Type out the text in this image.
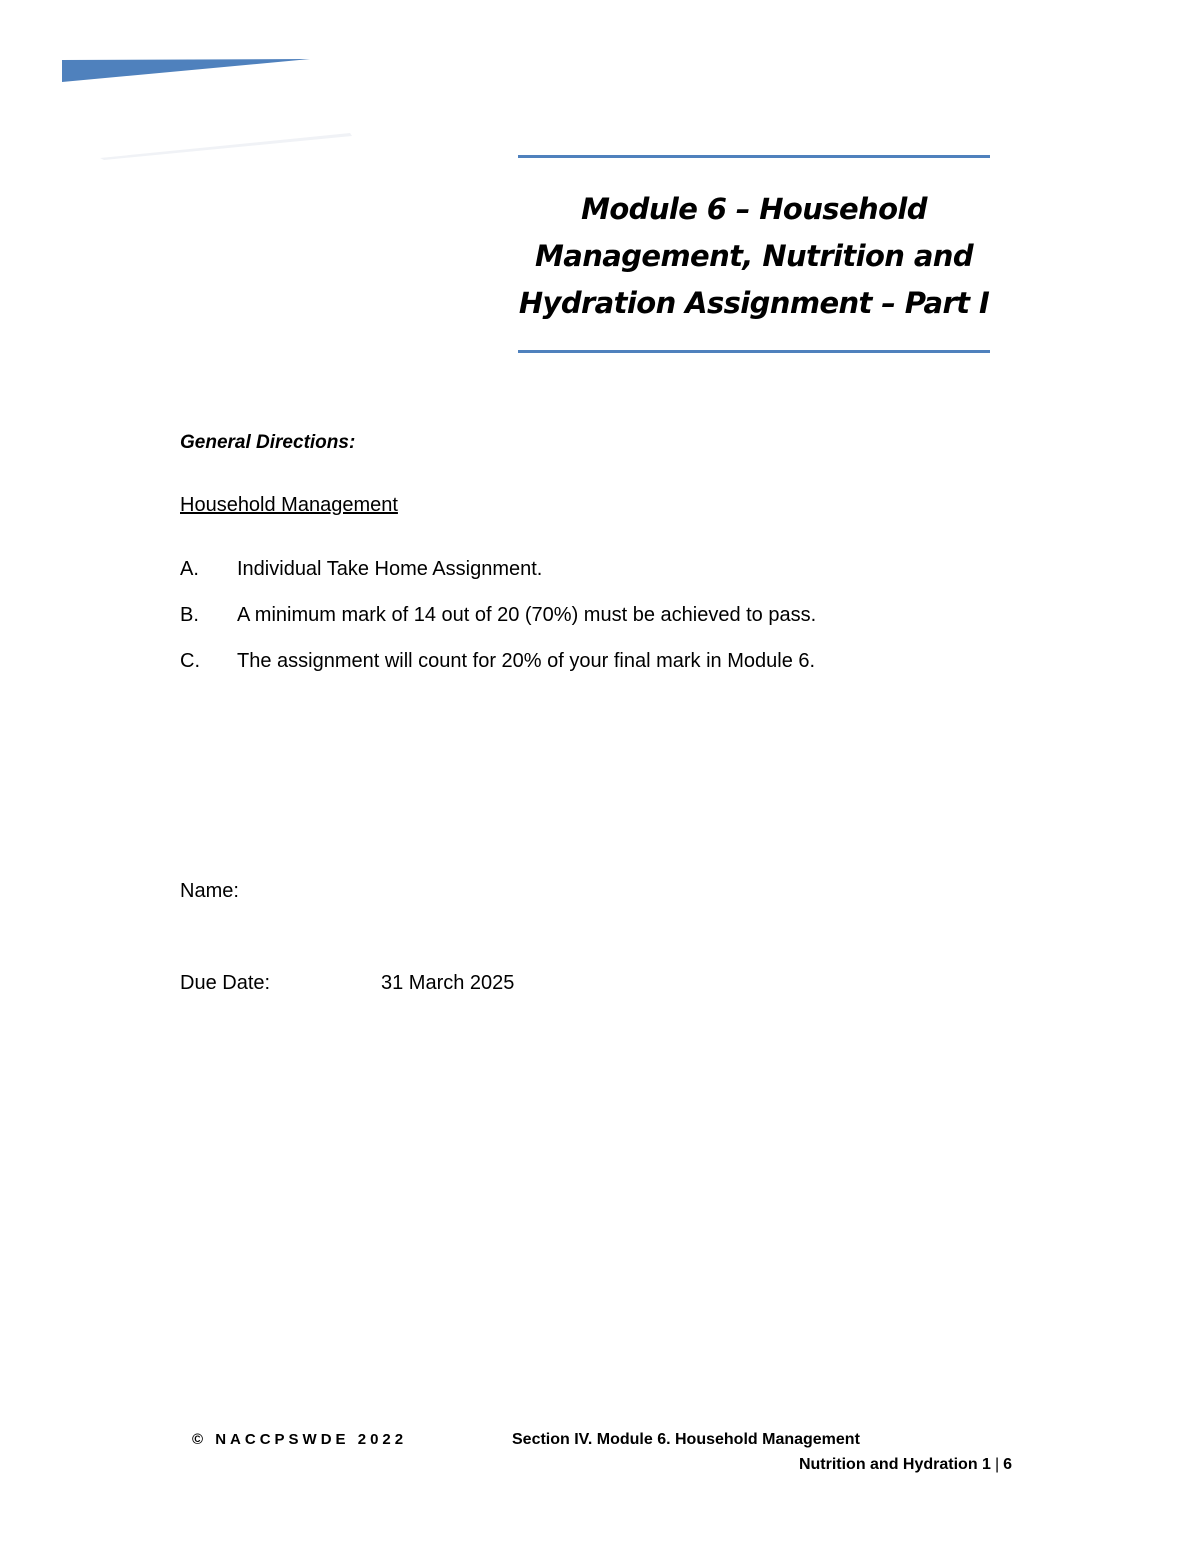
Module 6 – Household
Management, Nutrition and
Hydration Assignment – Part I
General Directions:
Household Management
A. Individual Take Home Assignment.
B. A minimum mark of 14 out of 20 (70%) must be achieved to pass.
C. The assignment will count for 20% of your final mark in Module 6.
Name:
Due Date:	31 March 2025
© NACCPSWDE 2022	Section IV. Module 6. Household Management
Nutrition and Hydration 1 | 6
